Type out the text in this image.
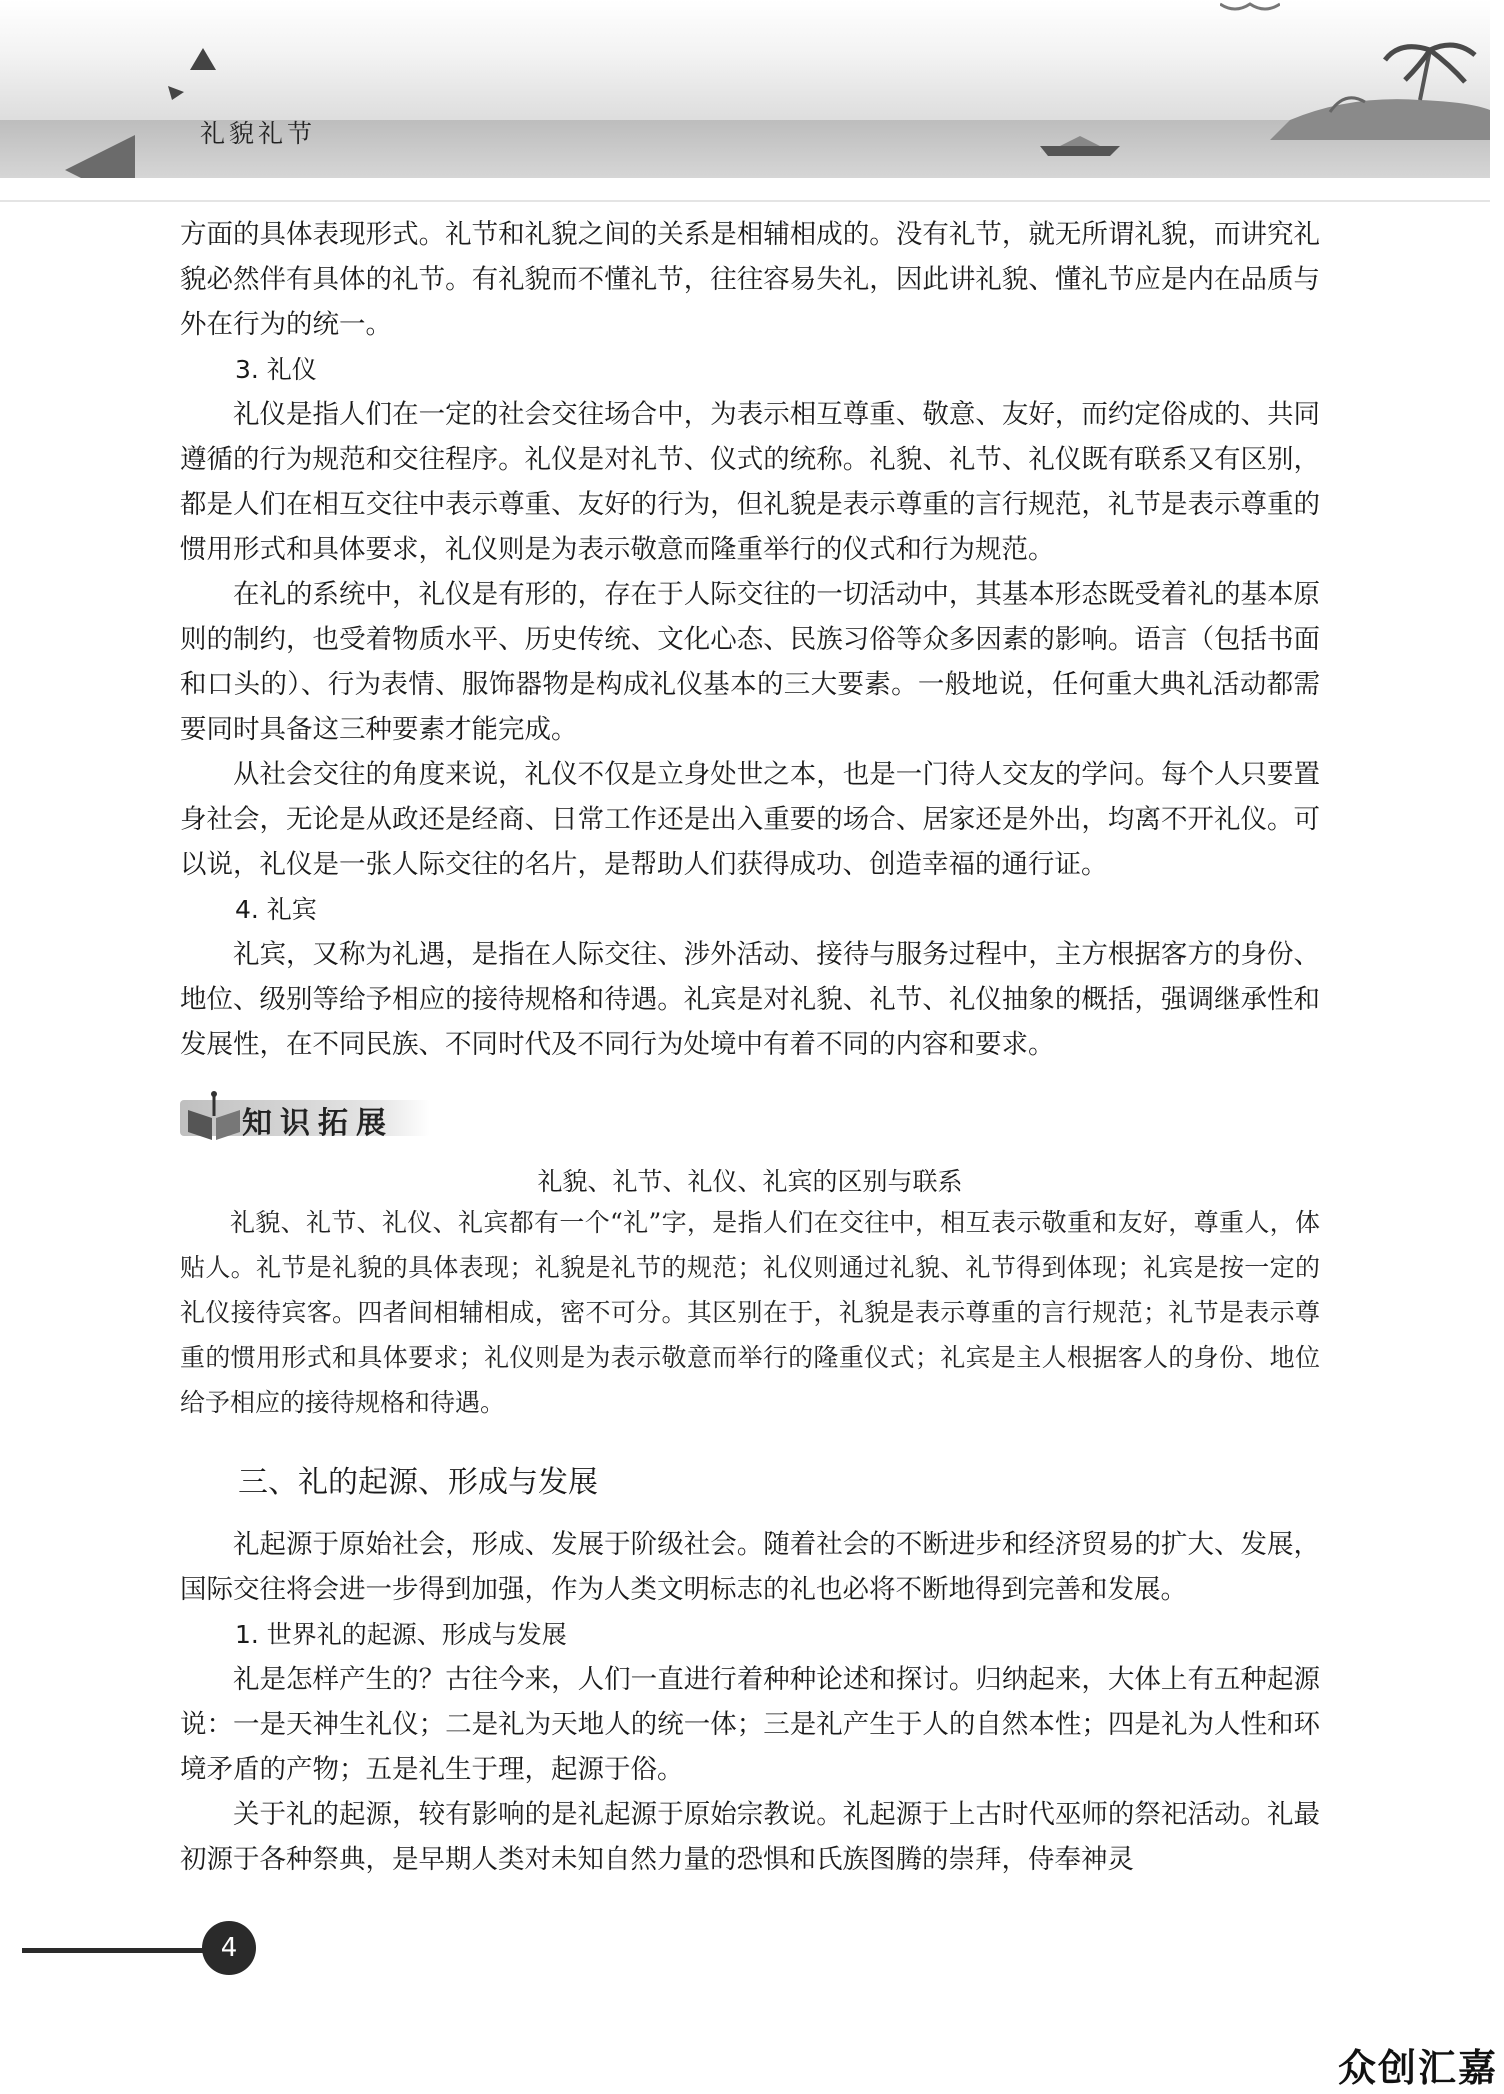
礼貌礼节

方面的具体表现形式。礼节和礼貌之间的关系是相辅相成的。没有礼节，就无所谓礼貌，而讲究礼貌必然伴有具体的礼节。有礼貌而不懂礼节，往往容易失礼，因此讲礼貌、懂礼节应是内在品质与外在行为的统一。

3. 礼仪

礼仪是指人们在一定的社会交往场合中，为表示相互尊重、敬意、友好，而约定俗成的、共同遵循的行为规范和交往程序。礼仪是对礼节、仪式的统称。礼貌、礼节、礼仪既有联系又有区别，都是人们在相互交往中表示尊重、友好的行为，但礼貌是表示尊重的言行规范，礼节是表示尊重的惯用形式和具体要求，礼仪则是为表示敬意而隆重举行的仪式和行为规范。

在礼的系统中，礼仪是有形的，存在于人际交往的一切活动中，其基本形态既受着礼的基本原则的制约，也受着物质水平、历史传统、文化心态、民族习俗等众多因素的影响。语言（包括书面和口头的）、行为表情、服饰器物是构成礼仪基本的三大要素。一般地说，任何重大典礼活动都需要同时具备这三种要素才能完成。

从社会交往的角度来说，礼仪不仅是立身处世之本，也是一门待人交友的学问。每个人只要置身社会，无论是从政还是经商、日常工作还是出入重要的场合、居家还是外出，均离不开礼仪。可以说，礼仪是一张人际交往的名片，是帮助人们获得成功、创造幸福的通行证。

4. 礼宾

礼宾，又称为礼遇，是指在人际交往、涉外活动、接待与服务过程中，主方根据客方的身份、地位、级别等给予相应的接待规格和待遇。礼宾是对礼貌、礼节、礼仪抽象的概括，强调继承性和发展性，在不同民族、不同时代及不同行为处境中有着不同的内容和要求。

知识拓展
礼貌、礼节、礼仪、礼宾的区别与联系

礼貌、礼节、礼仪、礼宾都有一个“礼”字，是指人们在交往中，相互表示敬重和友好，尊重人，体贴人。礼节是礼貌的具体表现；礼貌是礼节的规范；礼仪则通过礼貌、礼节得到体现；礼宾是按一定的礼仪接待宾客。四者间相辅相成，密不可分。其区别在于，礼貌是表示尊重的言行规范；礼节是表示尊重的惯用形式和具体要求；礼仪则是为表示敬意而举行的隆重仪式；礼宾是主人根据客人的身份、地位给予相应的接待规格和待遇。

三、礼的起源、形成与发展

礼起源于原始社会，形成、发展于阶级社会。随着社会的不断进步和经济贸易的扩大、发展，国际交往将会进一步得到加强，作为人类文明标志的礼也必将不断地得到完善和发展。

1. 世界礼的起源、形成与发展

礼是怎样产生的？古往今来，人们一直进行着种种论述和探讨。归纳起来，大体上有五种起源说：一是天神生礼仪；二是礼为天地人的统一体；三是礼产生于人的自然本性；四是礼为人性和环境矛盾的产物；五是礼生于理，起源于俗。

关于礼的起源，较有影响的是礼起源于原始宗教说。礼起源于上古时代巫师的祭祀活动。礼最初源于各种祭典，是早期人类对未知自然力量的恐惧和氏族图腾的崇拜，侍奉神灵

4
众创汇嘉
